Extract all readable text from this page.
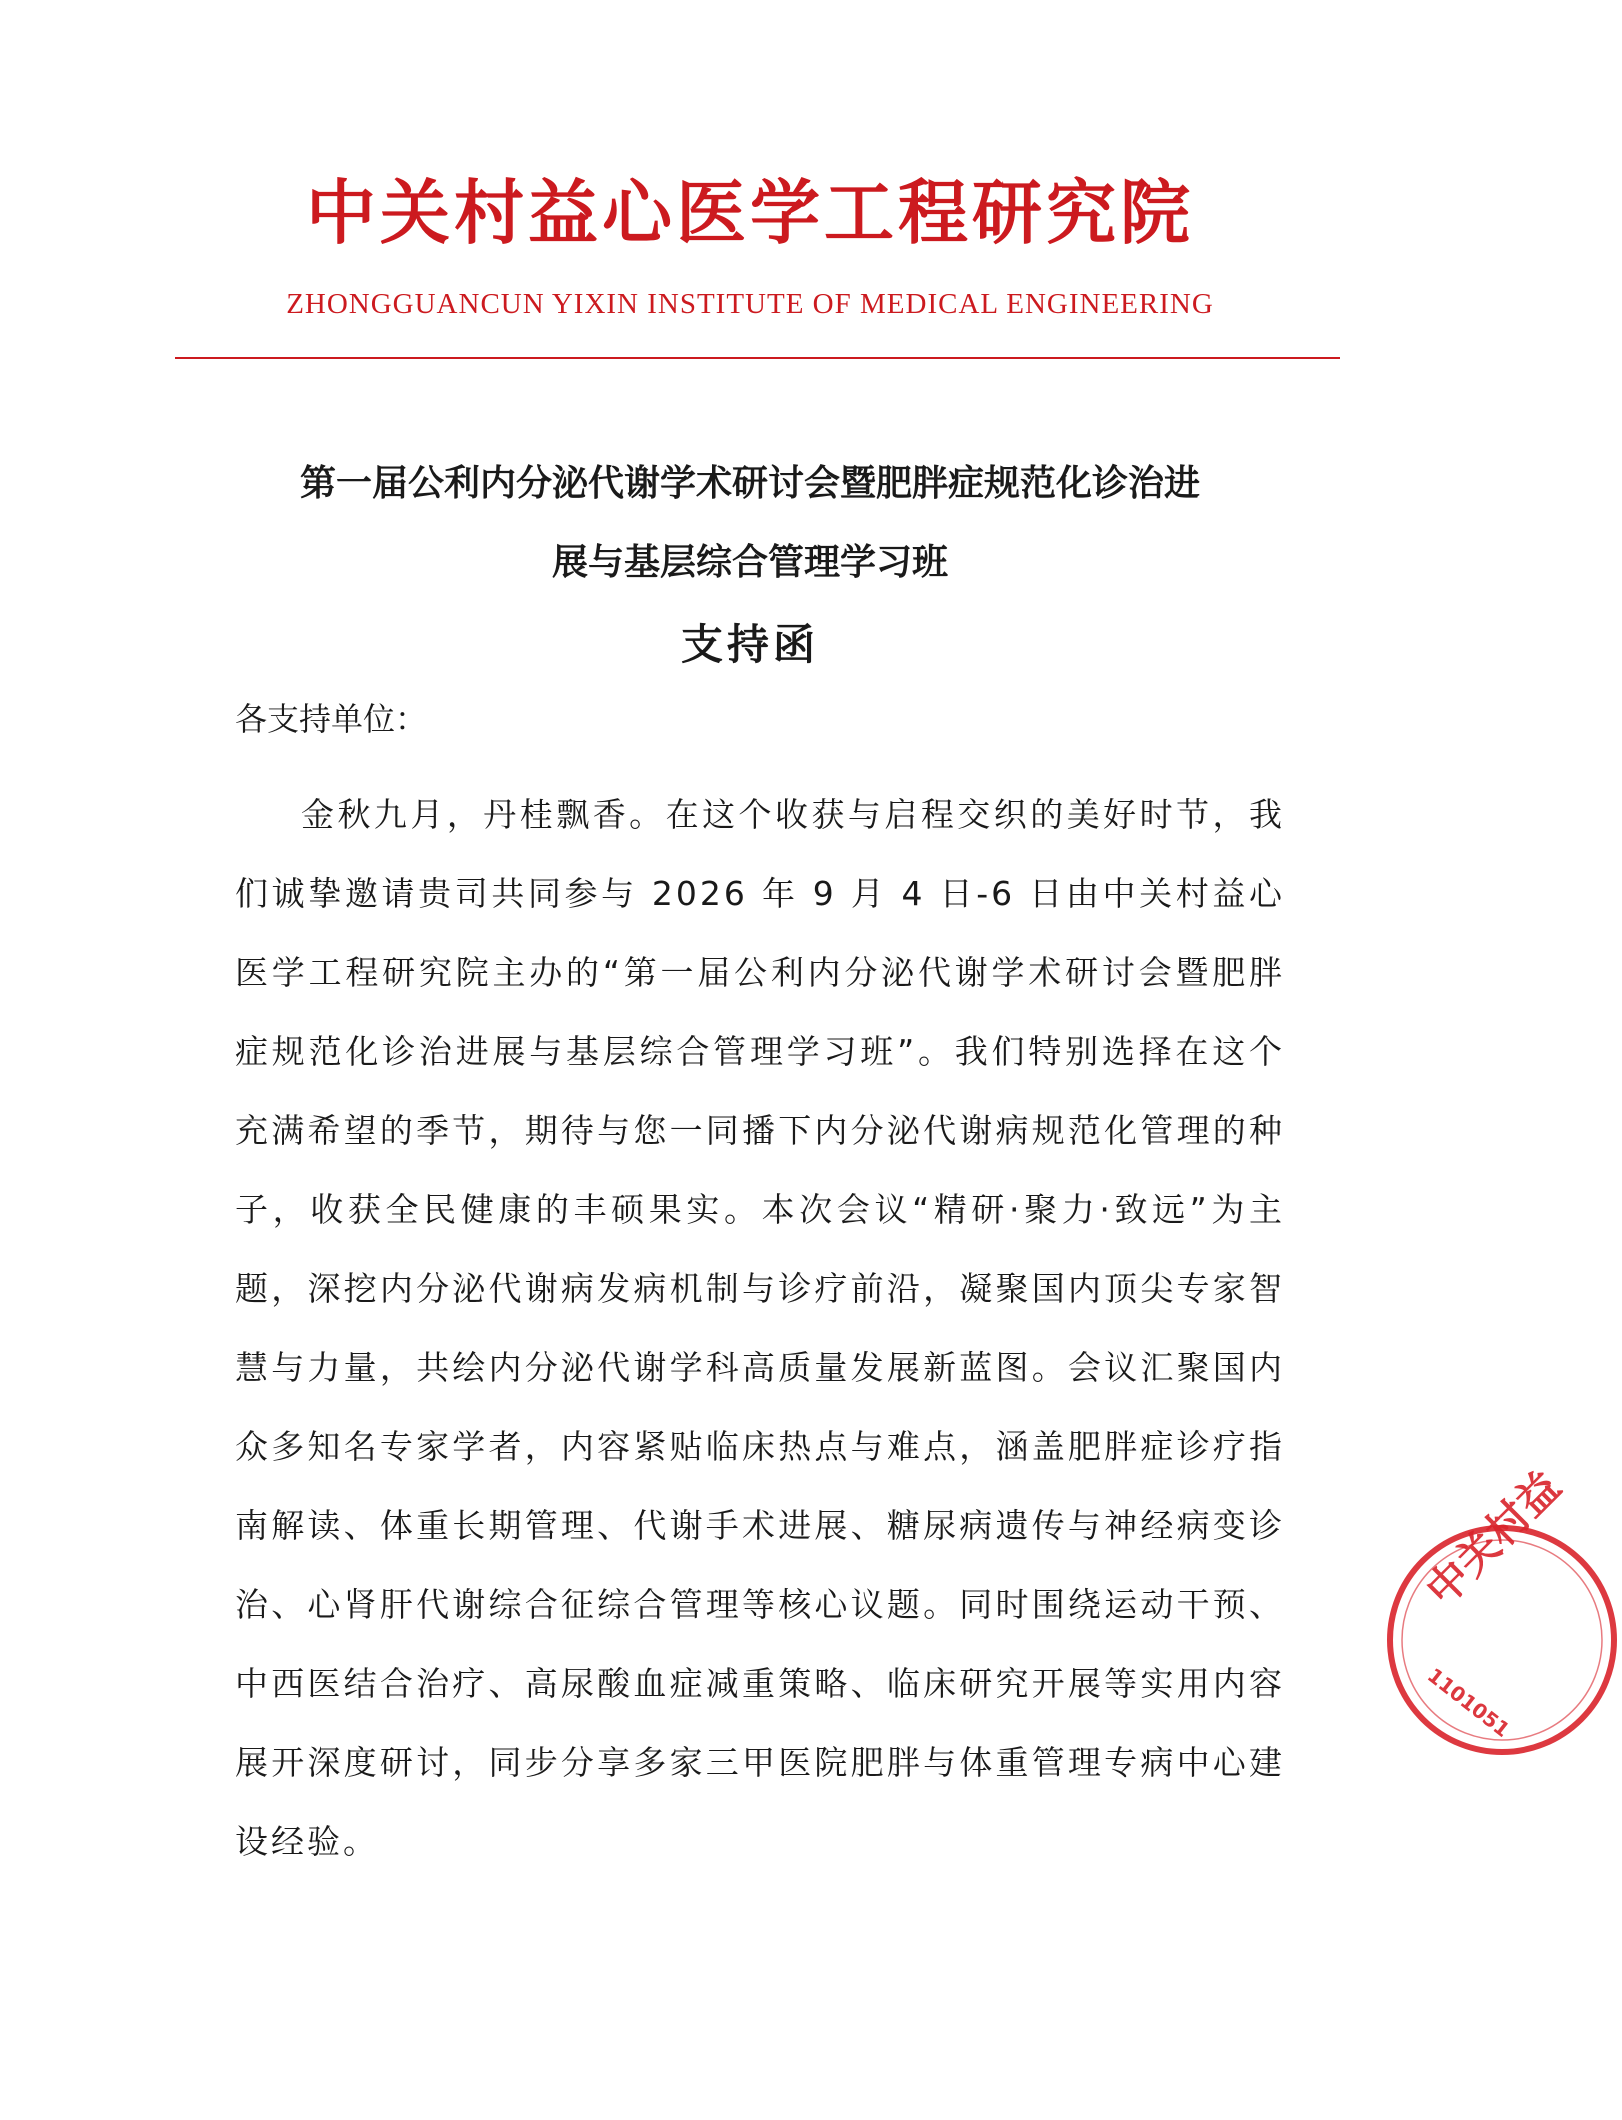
中关村益心医学工程研究院
ZHONGGUANCUN YIXIN INSTITUTE OF MEDICAL ENGINEERING
第一届公利内分泌代谢学术研讨会暨肥胖症规范化诊治进
展与基层综合管理学习班
支持函
各支持单位：

金秋九月，丹桂飘香。在这个收获与启程交织的美好时节，我们诚挚邀请贵司共同参与 2026 年 9 月 4 日-6 日由中关村益心医学工程研究院主办的“第一届公利内分泌代谢学术研讨会暨肥胖症规范化诊治进展与基层综合管理学习班”。我们特别选择在这个充满希望的季节，期待与您一同播下内分泌代谢病规范化管理的种子，收获全民健康的丰硕果实。本次会议“精研·聚力·致远”为主题，深挖内分泌代谢病发病机制与诊疗前沿，凝聚国内顶尖专家智慧与力量，共绘内分泌代谢学科高质量发展新蓝图。会议汇聚国内众多知名专家学者，内容紧贴临床热点与难点，涵盖肥胖症诊疗指南解读、体重长期管理、代谢手术进展、糖尿病遗传与神经病变诊治、心肾肝代谢综合征综合管理等核心议题。同时围绕运动干预、中西医结合治疗、高尿酸血症减重策略、临床研究开展等实用内容展开深度研讨，同步分享多家三甲医院肥胖与体重管理专病中心建设经验。

中关村益
1101051
